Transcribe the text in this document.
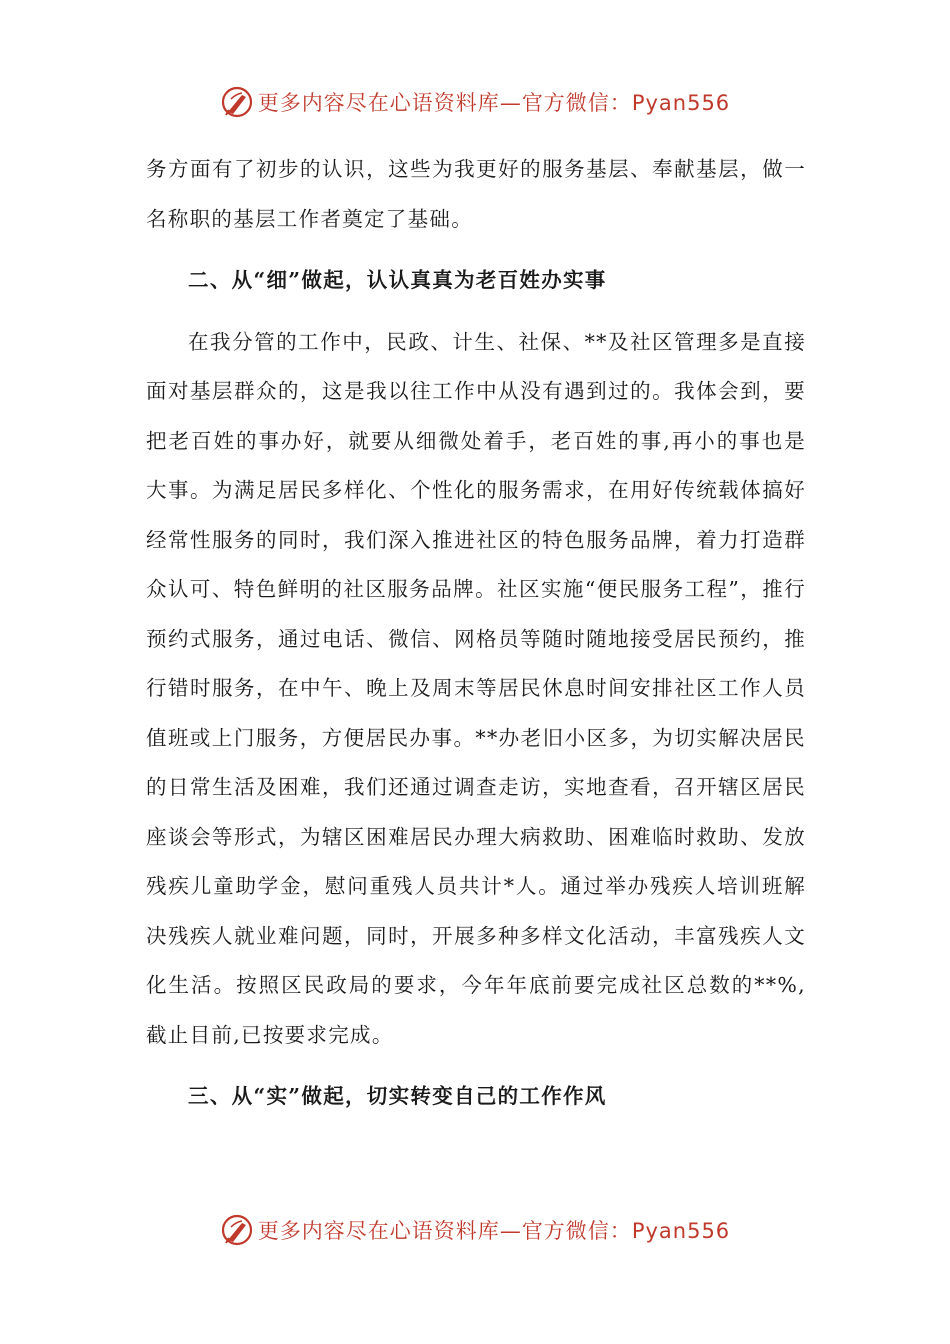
更多内容尽在心语资料库—官方微信：Pyan556

务方面有了初步的认识，这些为我更好的服务基层、奉献基层，做一名称职的基层工作者奠定了基础。

二、从“细”做起，认认真真为老百姓办实事

在我分管的工作中，民政、计生、社保、**及社区管理多是直接面对基层群众的，这是我以往工作中从没有遇到过的。我体会到，要把老百姓的事办好，就要从细微处着手，老百姓的事,再小的事也是大事。为满足居民多样化、个性化的服务需求，在用好传统载体搞好经常性服务的同时，我们深入推进社区的特色服务品牌，着力打造群众认可、特色鲜明的社区服务品牌。社区实施“便民服务工程”，推行预约式服务，通过电话、微信、网格员等随时随地接受居民预约，推行错时服务，在中午、晚上及周末等居民休息时间安排社区工作人员值班或上门服务，方便居民办事。**办老旧小区多，为切实解决居民的日常生活及困难，我们还通过调查走访，实地查看，召开辖区居民座谈会等形式，为辖区困难居民办理大病救助、困难临时救助、发放残疾儿童助学金，慰问重残人员共计*人。通过举办残疾人培训班解决残疾人就业难问题，同时，开展多种多样文化活动，丰富残疾人文化生活。按照区民政局的要求，今年年底前要完成社区总数的**%,截止目前,已按要求完成。

三、从“实”做起，切实转变自己的工作作风

更多内容尽在心语资料库—官方微信：Pyan556
